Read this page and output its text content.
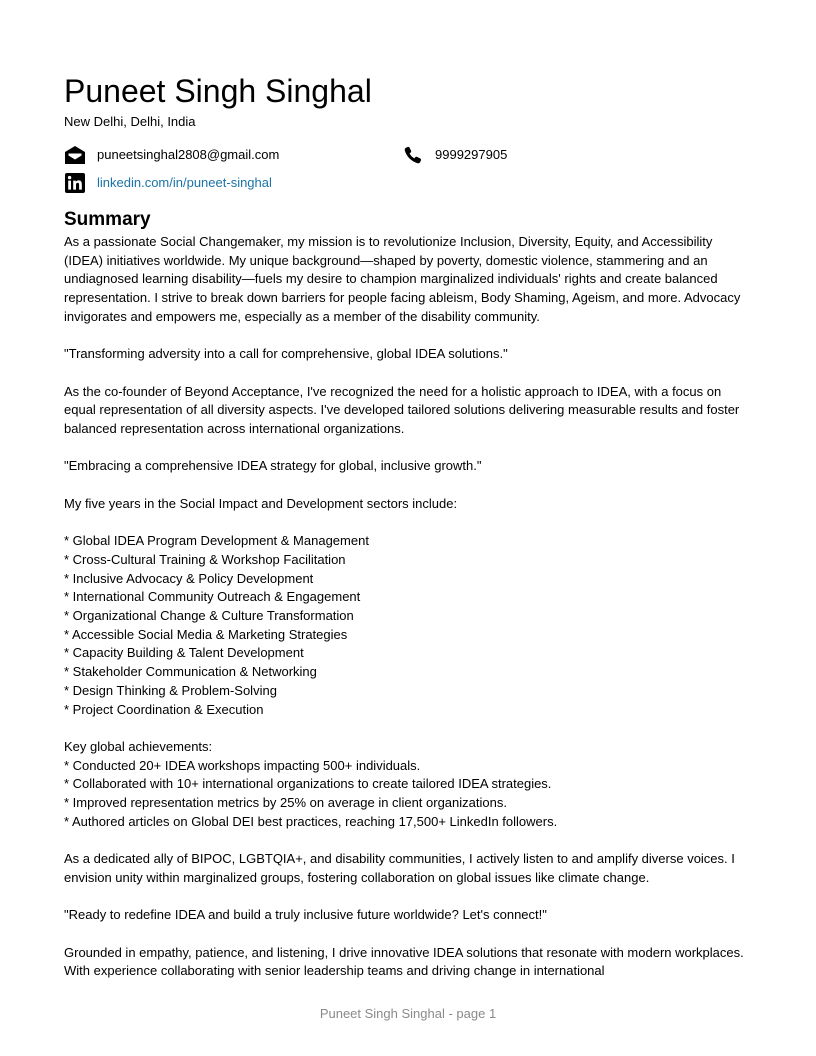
Puneet Singh Singhal
New Delhi, Delhi, India
puneetsinghal2808@gmail.com	9999297905
linkedin.com/in/puneet-singhal
Summary

As a passionate Social Changemaker, my mission is to revolutionize Inclusion, Diversity, Equity, and Accessibility (IDEA) initiatives worldwide. My unique background—shaped by poverty, domestic violence, stammering and an undiagnosed learning disability—fuels my desire to champion marginalized individuals' rights and create balanced representation. I strive to break down barriers for people facing ableism, Body Shaming, Ageism, and more. Advocacy invigorates and empowers me, especially as a member of the disability community.

"Transforming adversity into a call for comprehensive, global IDEA solutions."

As the co-founder of Beyond Acceptance, I've recognized the need for a holistic approach to IDEA, with a focus on equal representation of all diversity aspects. I've developed tailored solutions delivering measurable results and foster balanced representation across international organizations.

"Embracing a comprehensive IDEA strategy for global, inclusive growth."

My five years in the Social Impact and Development sectors include:

* Global IDEA Program Development & Management
* Cross-Cultural Training & Workshop Facilitation
* Inclusive Advocacy & Policy Development
* International Community Outreach & Engagement
* Organizational Change & Culture Transformation
* Accessible Social Media & Marketing Strategies
* Capacity Building & Talent Development
* Stakeholder Communication & Networking
* Design Thinking & Problem-Solving
* Project Coordination & Execution

Key global achievements:
* Conducted 20+ IDEA workshops impacting 500+ individuals.
* Collaborated with 10+ international organizations to create tailored IDEA strategies.
* Improved representation metrics by 25% on average in client organizations.
* Authored articles on Global DEI best practices, reaching 17,500+ LinkedIn followers.

As a dedicated ally of BIPOC, LGBTQIA+, and disability communities, I actively listen to and amplify diverse voices. I envision unity within marginalized groups, fostering collaboration on global issues like climate change.

"Ready to redefine IDEA and build a truly inclusive future worldwide? Let's connect!"

Grounded in empathy, patience, and listening, I drive innovative IDEA solutions that resonate with modern workplaces. With experience collaborating with senior leadership teams and driving change in international

Puneet Singh Singhal - page 1
